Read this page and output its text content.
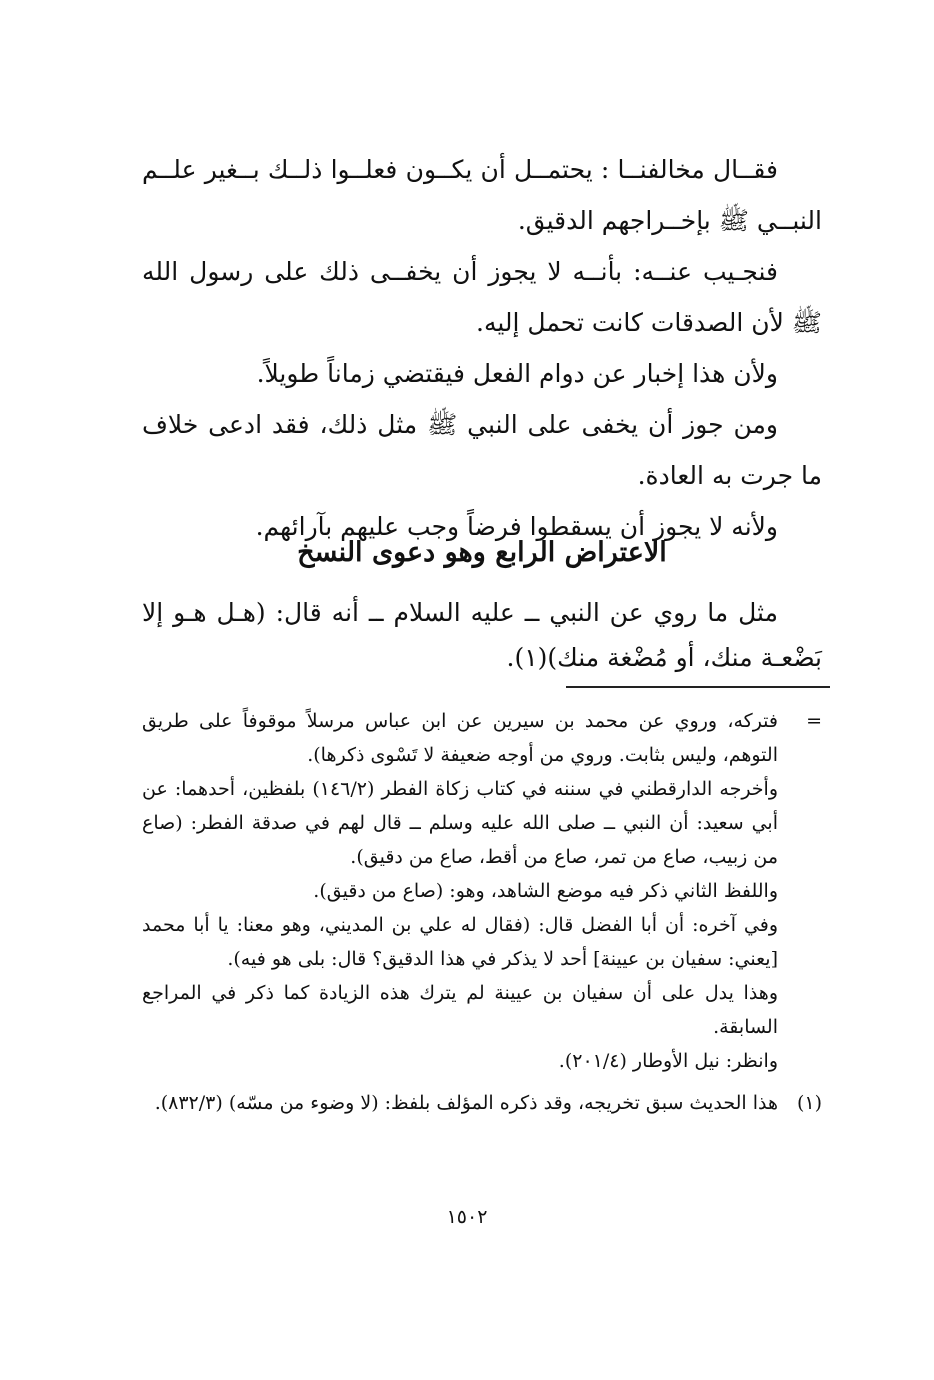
فقــال مخالفنــا : يحتمــل أن يكــون فعلــوا ذلــك بــغير علــم النبــي ﷺ بإخــراجهم الدقيق.

فنجـيب عنــه: بأنــه لا يجوز أن يخفــى ذلك على رسول الله ﷺ لأن الصدقات كانت تحمل إليه.

ولأن هذا إخبار عن دوام الفعل فيقتضي زماناً طويلاً.

ومن جوز أن يخفى على النبي ﷺ مثل ذلك، فقد ادعى خلاف ما جرت به العادة.

ولأنه لا يجوز أن يسقطوا فرضاً وجب عليهم بآرائهم.

الاعتراض الرابع وهو دعوى النسخ

مثل ما روي عن النبي ــ عليه السلام ــ أنه قال: (هـل هـو إلا بَضْعـة منك، أو مُضْغة منك)(١).

=

فتركه، وروي عن محمد بن سيرين عن ابن عباس مرسلاً موقوفاً على طريق التوهم، وليس بثابت. وروي من أوجه ضعيفة لا تَسْوى ذكرها).

وأخرجه الدارقطني في سننه في كتاب زكاة الفطر (١٤٦/٢) بلفظين، أحدهما: عن أبي سعيد: أن النبي ــ صلى الله عليه وسلم ــ قال لهم في صدقة الفطر: (صاع من زبيب، صاع من تمر، صاع من أقط، صاع من دقيق).

واللفظ الثاني ذكر فيه موضع الشاهد، وهو: (صاع من دقيق).

وفي آخره: أن أبا الفضل قال: (فقال له علي بن المديني، وهو معنا: يا أبا محمد [يعني: سفيان بن عيينة] أحد لا يذكر في هذا الدقيق؟ قال: بلى هو فيه).

وهذا يدل على أن سفيان بن عيينة لم يترك هذه الزيادة كما ذكر في المراجع السابقة.

وانظر: نيل الأوطار (٢٠١/٤).

(١)

هذا الحديث سبق تخريجه، وقد ذكره المؤلف بلفظ: (لا وضوء من مسّه) (٨٣٢/٣).

١٥٠٢
